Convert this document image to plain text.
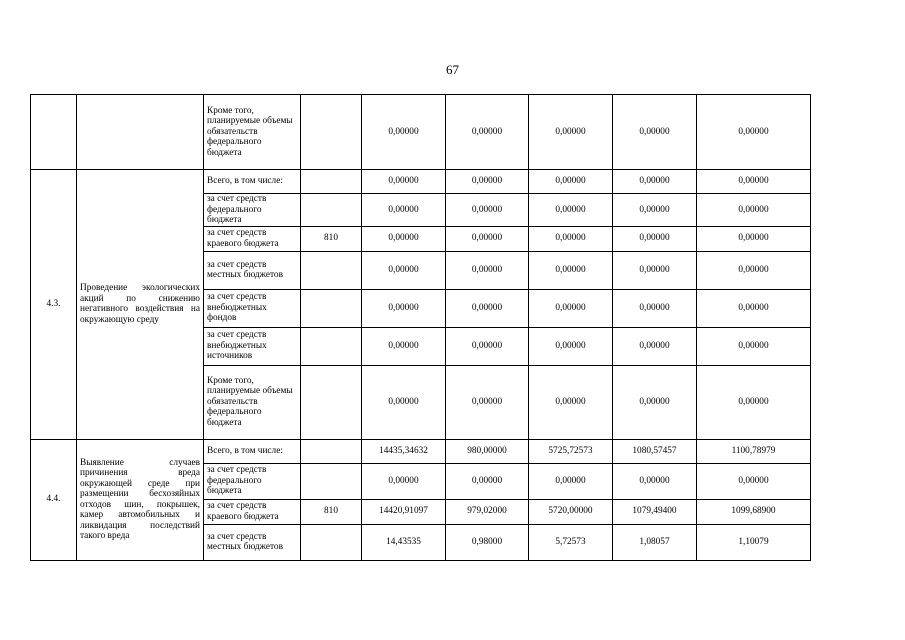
67
		Кроме того, планируемые объемы обязательств федерального бюджета		0,00000	0,00000	0,00000	0,00000	0,00000
4.3.	Проведение экологических акций по снижению негативного воздействия на окружающую среду	Всего, в том числе:		0,00000	0,00000	0,00000	0,00000	0,00000
		за счет средств федерального бюджета		0,00000	0,00000	0,00000	0,00000	0,00000
		за счет средств краевого бюджета	810	0,00000	0,00000	0,00000	0,00000	0,00000
		за счет средств местных бюджетов		0,00000	0,00000	0,00000	0,00000	0,00000
		за счет средств внебюджетных фондов		0,00000	0,00000	0,00000	0,00000	0,00000
		за счет средств внебюджетных источников		0,00000	0,00000	0,00000	0,00000	0,00000
		Кроме того, планируемые объемы обязательств федерального бюджета		0,00000	0,00000	0,00000	0,00000	0,00000
4.4.	Выявление случаев причинения вреда окружающей среде при размещении бесхозяйных отходов шин, покрышек, камер автомобильных и ликвидация последствий такого вреда	Всего, в том числе:		14435,34632	980,00000	5725,72573	1080,57457	1100,78979
		за счет средств федерального бюджета		0,00000	0,00000	0,00000	0,00000	0,00000
		за счет средств краевого бюджета	810	14420,91097	979,02000	5720,00000	1079,49400	1099,68900
		за счет средств местных бюджетов		14,43535	0,98000	5,72573	1,08057	1,10079
